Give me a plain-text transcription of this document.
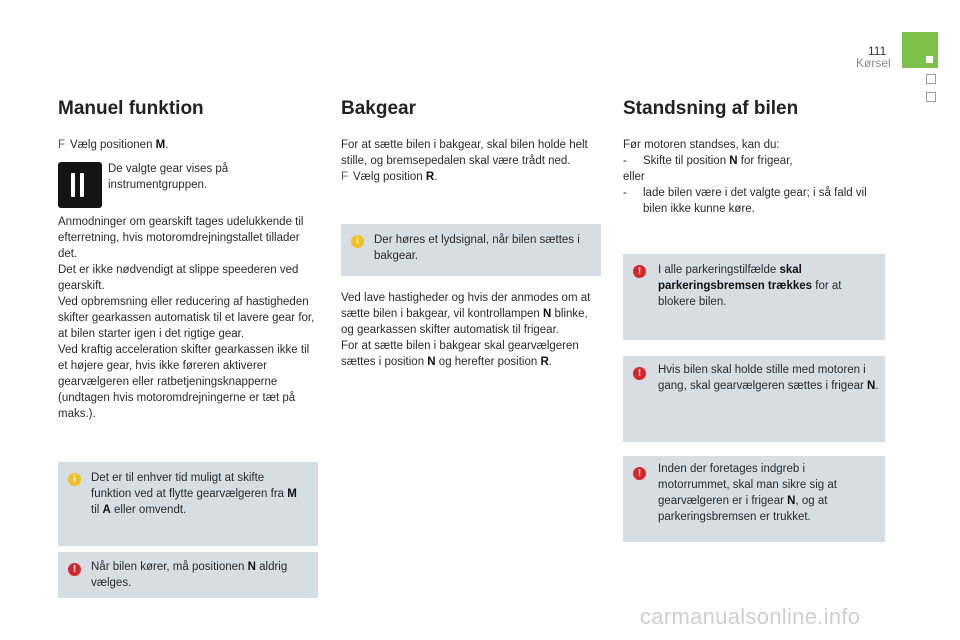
111
Kørsel
Manuel funktion
F Vælg positionen M.
De valgte gear vises på instrumentgruppen.

Anmodninger om gearskift tages udelukkende til efterretning, hvis motoromdrejningstallet tillader det.

Det er ikke nødvendigt at slippe speederen ved gearskift.

Ved opbremsning eller reducering af hastigheden skifter gearkassen automatisk til et lavere gear for, at bilen starter igen i det rigtige gear.

Ved kraftig acceleration skifter gearkassen ikke til et højere gear, hvis ikke føreren aktiverer gearvælgeren eller ratbetjeningsknapperne (undtagen hvis motoromdrejningerne er tæt på maks.).

i	Det er til enhver tid muligt at skifte funktion ved at flytte gearvælgeren fra M til A eller omvendt.
!	Når bilen kører, må positionen N aldrig vælges.
Bakgear

For at sætte bilen i bakgear, skal bilen holde helt stille, og bremsepedalen skal være trådt ned.

F Vælg position R.

i	Der høres et lydsignal, når bilen sættes i bakgear.

Ved lave hastigheder og hvis der anmodes om at sætte bilen i bakgear, vil kontrollampen N blinke, og gearkassen skifter automatisk til frigear.

For at sætte bilen i bakgear skal gearvælgeren sættes i position N og herefter position R.

Standsning af bilen

Før motoren standses, kan du:

- Skifte til position N for frigear,

eller

- lade bilen være i det valgte gear; i så fald vil bilen ikke kunne køre.

!	I alle parkeringstilfælde skal parkeringsbremsen trækkes for at blokere bilen.
!	Hvis bilen skal holde stille med motoren i gang, skal gearvælgeren sættes i frigear N.
!	Inden der foretages indgreb i motorrummet, skal man sikre sig at gearvælgeren er i frigear N, og at parkeringsbremsen er trukket.
carmanualsonline.info
